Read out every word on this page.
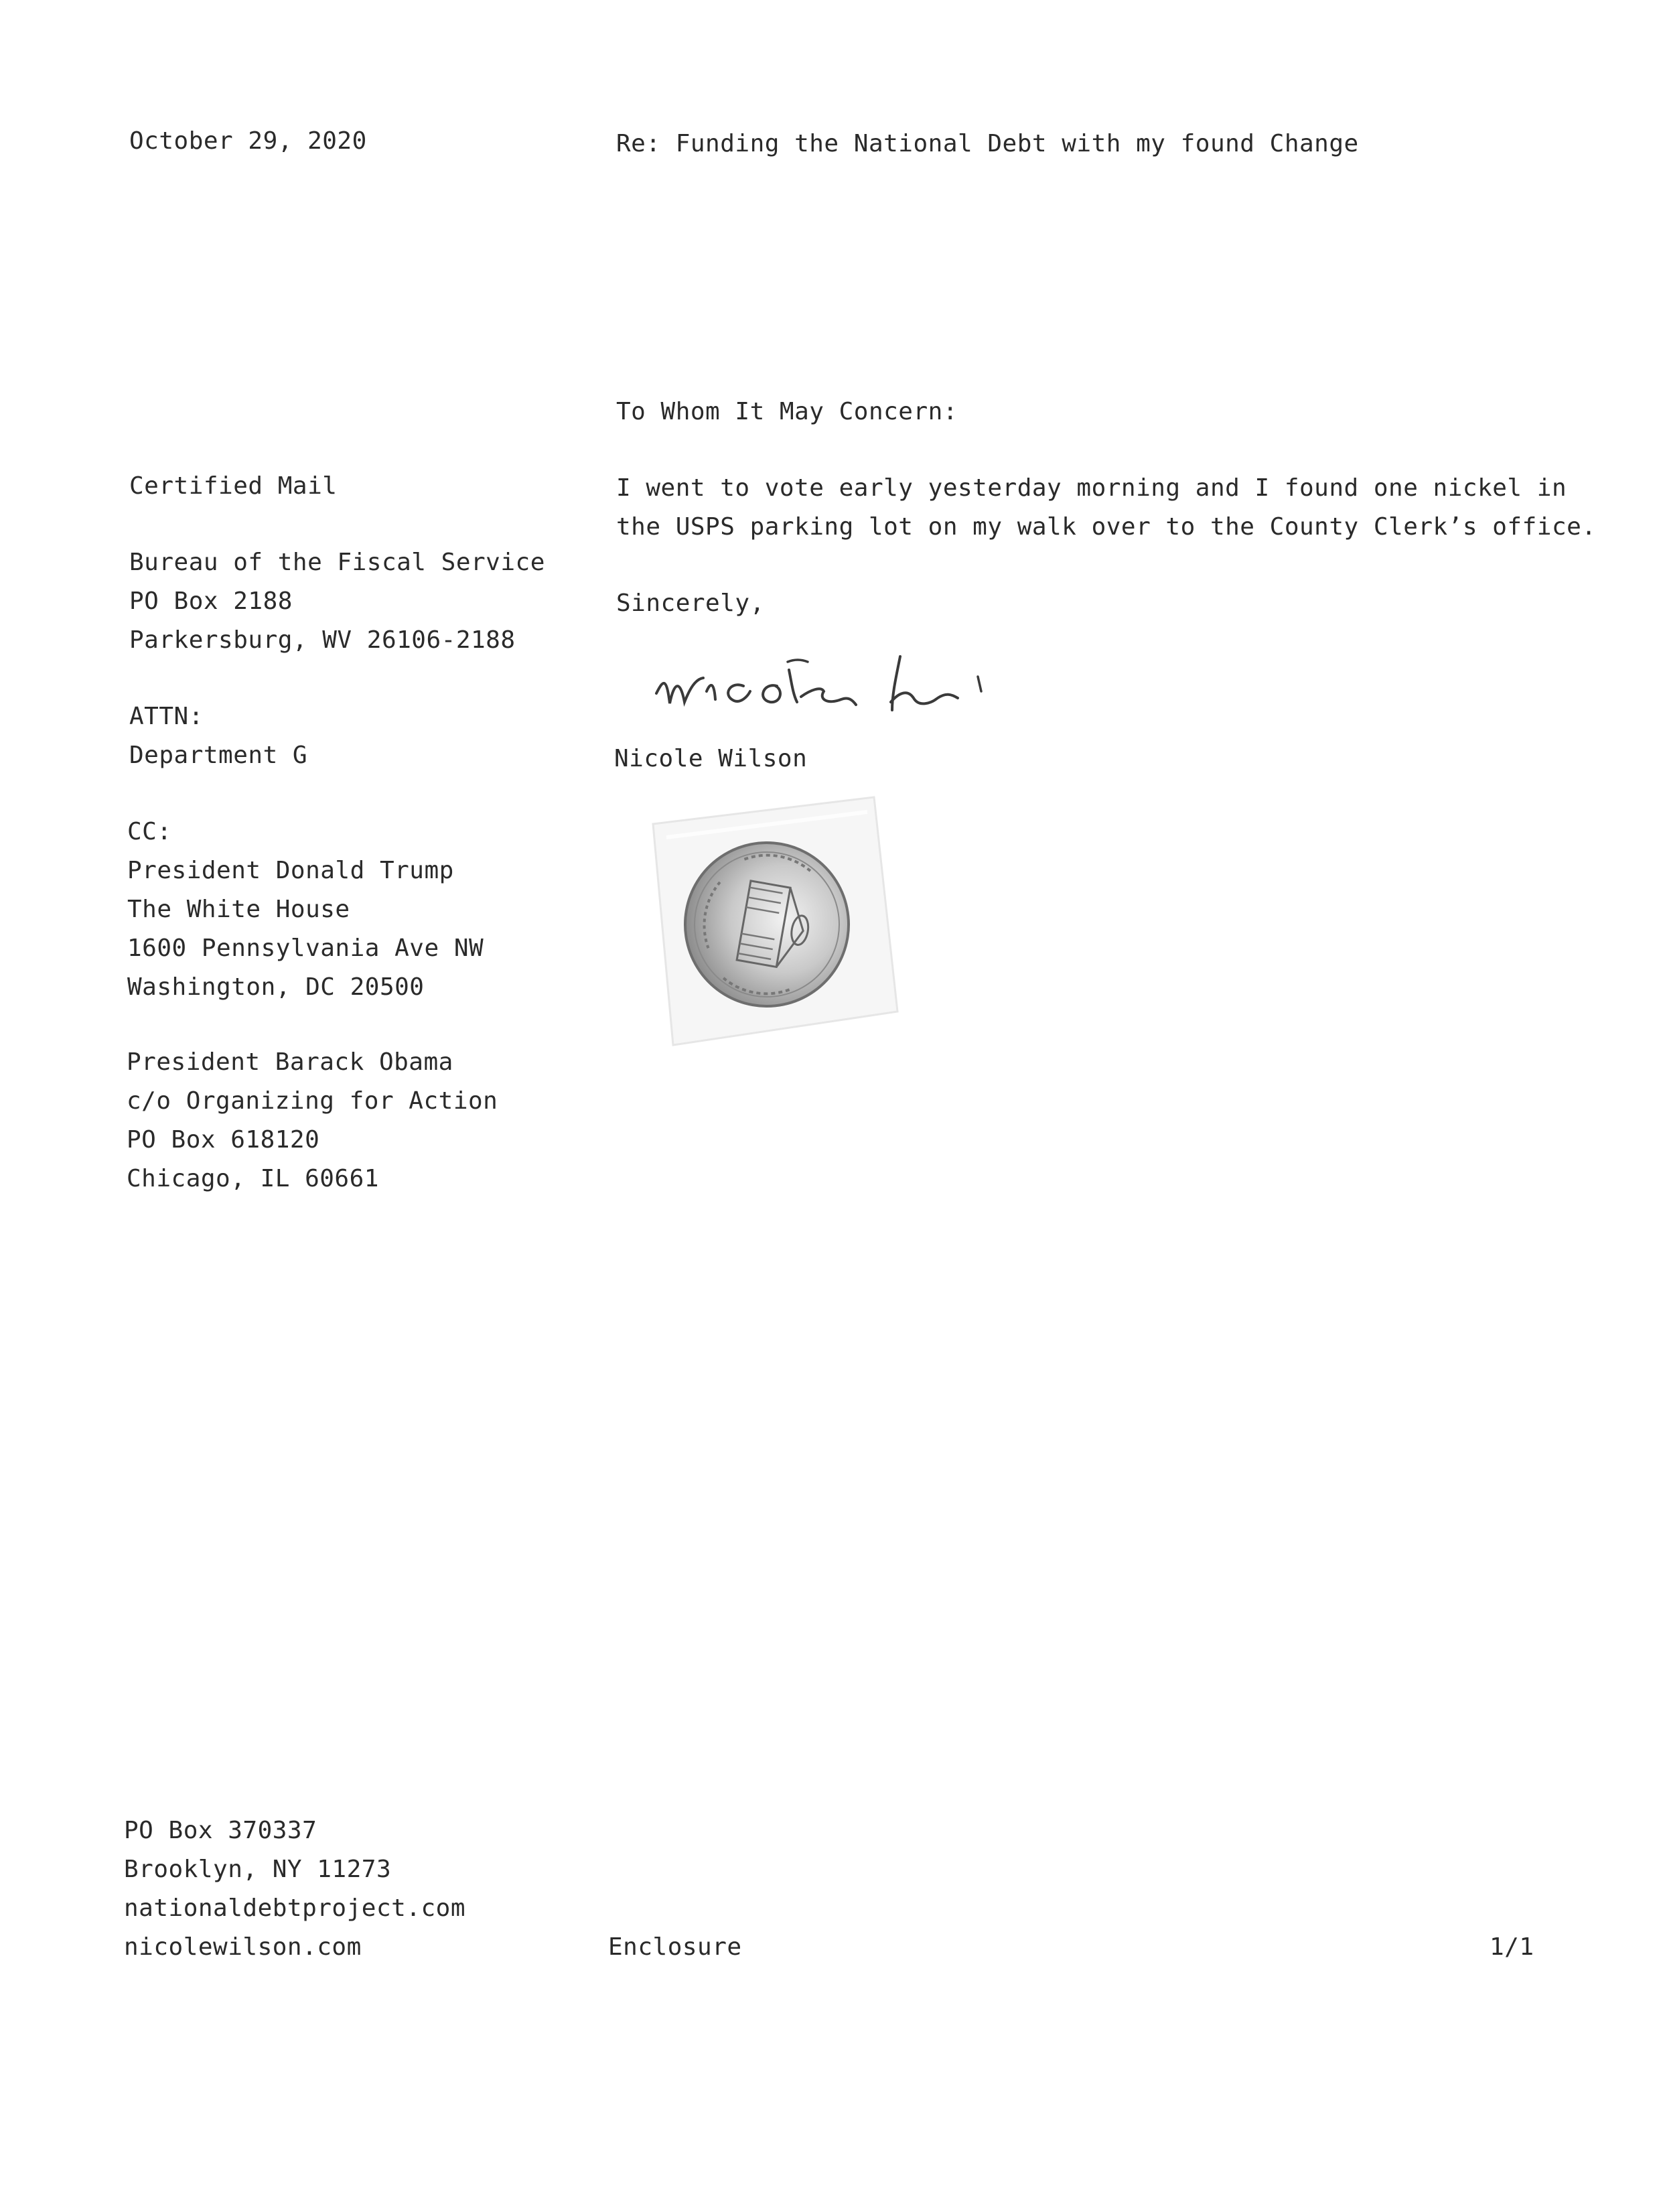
October 29, 2020	Re: Funding the National Debt with my found Change
To Whom It May Concern:
Certified Mail
Bureau of the Fiscal Service
PO Box 2188
Parkersburg, WV 26106-2188
ATTN:
Department G
CC:
President Donald Trump
The White House
1600 Pennsylvania Ave NW
Washington, DC 20500
President Barack Obama
c/o Organizing for Action
PO Box 618120
Chicago, IL 60661
I went to vote early yesterday morning and I found one nickel in
the USPS parking lot on my walk over to the County Clerk’s office.
Sincerely,
Nicole Wilson
PO Box 370337
Brooklyn, NY 11273
nationaldebtproject.com
nicolewilson.com	Enclosure	1/1
